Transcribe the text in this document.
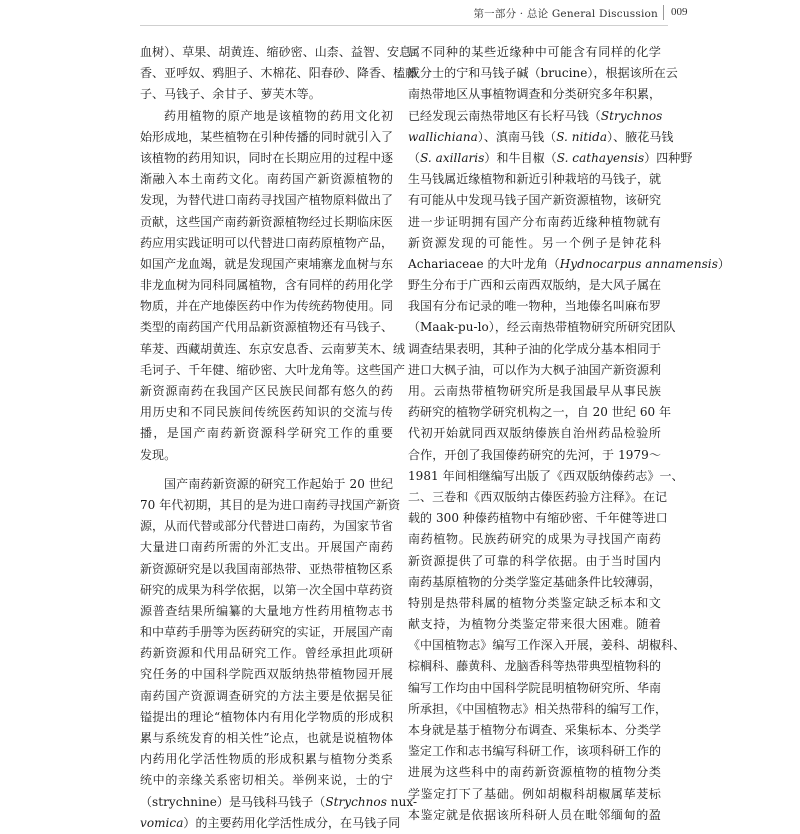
第一部分 · 总论 General Discussion 009
血树）、草果、胡黄连、缩砂密、山柰、益智、安息
香、亚呼奴、鸦胆子、木棉花、阳春砂、降香、榼藤
子、马钱子、余甘子、萝芙木等。
药用植物的原产地是该植物的药用文化初
始形成地，某些植物在引种传播的同时就引入了
该植物的药用知识，同时在长期应用的过程中逐
渐融入本土南药文化。南药国产新资源植物的
发现，为替代进口南药寻找国产植物原料做出了
贡献，这些国产南药新资源植物经过长期临床医
药应用实践证明可以代替进口南药原植物产品，
如国产龙血竭，就是发现国产柬埔寨龙血树与东
非龙血树为同科同属植物，含有同样的药用化学
物质，并在产地傣医药中作为传统药物使用。同
类型的南药国产代用品新资源植物还有马钱子、
荜茇、西藏胡黄连、东京安息香、云南萝芙木、绒
毛诃子、千年健、缩砂密、大叶龙角等。这些国产
新资源南药在我国产区民族民间都有悠久的药
用历史和不同民族间传统医药知识的交流与传
播，是国产南药新资源科学研究工作的重要
发现。
国产南药新资源的研究工作起始于 20 世纪
70 年代初期，其目的是为进口南药寻找国产新资
源，从而代替或部分代替进口南药，为国家节省
大量进口南药所需的外汇支出。开展国产南药
新资源研究是以我国南部热带、亚热带植物区系
研究的成果为科学依据，以第一次全国中草药资
源普查结果所编纂的大量地方性药用植物志书
和中草药手册等为医药研究的实证，开展国产南
药新资源和代用品研究工作。曾经承担此项研
究任务的中国科学院西双版纳热带植物园开展
南药国产资源调查研究的方法主要是依据吴征
镒提出的理论“植物体内有用化学物质的形成积
累与系统发育的相关性”论点，也就是说植物体
内药用化学活性物质的形成积累与植物分类系
统中的亲缘关系密切相关。举例来说，士的宁
（strychnine）是马钱科马钱子（Strychnos nux-
vomica）的主要药用化学活性成分，在马钱子同
属不同种的某些近缘种中可能含有同样的化学
成分士的宁和马钱子碱（brucine），根据该所在云
南热带地区从事植物调查和分类研究多年积累，
已经发现云南热带地区有长籽马钱（Strychnos
wallichiana）、滇南马钱（S. nitida）、腋花马钱
（S. axillaris）和牛目椒（S. cathayensis）四种野
生马钱属近缘植物和新近引种栽培的马钱子，就
有可能从中发现马钱子国产新资源植物，该研究
进一步证明拥有国产分布南药近缘种植物就有
新资源发现的可能性。另一个例子是钟花科
Achariaceae 的大叶龙角（Hydnocarpus annamensis）
野生分布于广西和云南西双版纳，是大风子属在
我国有分布记录的唯一物种，当地傣名叫麻布罗
（Maak-pu-lo），经云南热带植物研究所研究团队
调查结果表明，其种子油的化学成分基本相同于
进口大枫子油，可以作为大枫子油国产新资源利
用。云南热带植物研究所是我国最早从事民族
药研究的植物学研究机构之一，自 20 世纪 60 年
代初开始就同西双版纳傣族自治州药品检验所
合作，开创了我国傣药研究的先河，于 1979～
1981 年间相继编写出版了《西双版纳傣药志》一、
二、三卷和《西双版纳古傣医药验方注释》。在记
载的 300 种傣药植物中有缩砂密、千年健等进口
南药植物。民族药研究的成果为寻找国产南药
新资源提供了可靠的科学依据。由于当时国内
南药基原植物的分类学鉴定基础条件比较薄弱，
特别是热带科属的植物分类鉴定缺乏标本和文
献支持，为植物分类鉴定带来很大困难。随着
《中国植物志》编写工作深入开展，姜科、胡椒科、
棕榈科、藤黄科、龙脑香科等热带典型植物科的
编写工作均由中国科学院昆明植物研究所、华南
所承担，《中国植物志》相关热带科的编写工作，
本身就是基于植物分布调查、采集标本、分类学
鉴定工作和志书编写科研工作，该项科研工作的
进展为这些科中的南药新资源植物的植物分类
学鉴定打下了基础。例如胡椒科胡椒属荜茇标
本鉴定就是依据该所科研人员在毗邻缅甸的盈
